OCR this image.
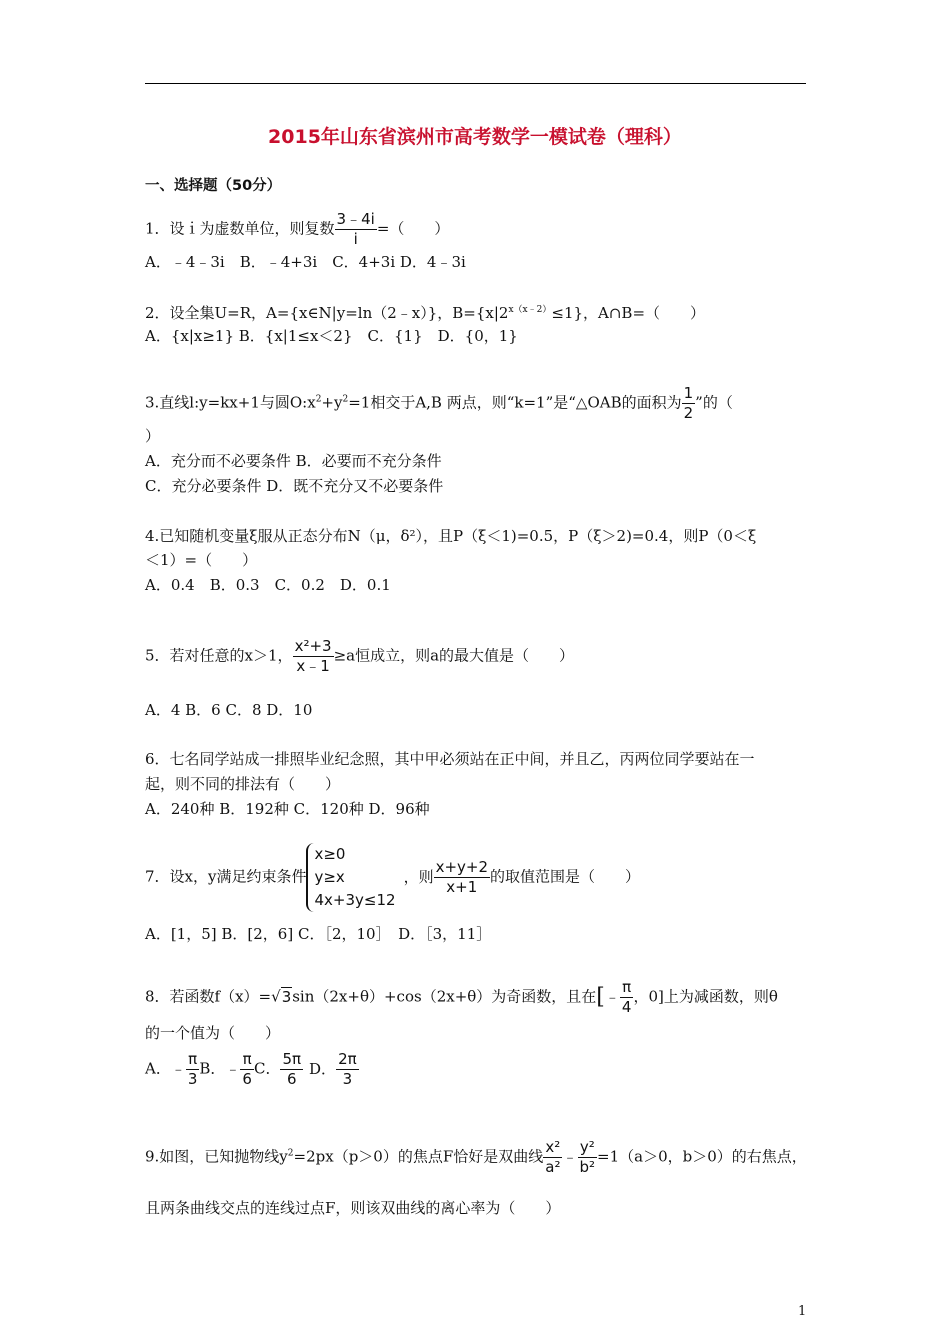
2015年山东省滨州市高考数学一模试卷（理科）
一、选择题（50分）
1．设ｉ为虚数单位，则复数 $\frac{3﹣4i}{i}$ =（　　）
A．﹣4﹣3i　B．﹣4+3i　C．4+3i D．4﹣3i
2．设全集U=R，A={x∈N|y=ln（2﹣x）}，$B=\{x|2^{x(x﹣2)}\le 1\}$，A∩B=（　　）
A．{x|x≥1} B．{x|1≤x＜2}　C．{1}　D．{0，1}
3.直线l:y=kx+1与圆$O:x^2+y^2=1$相交于A,B 两点，则“k=1”是“△OAB的面积为 $\frac{1}{2}$ ”的（
）
A．充分而不必要条件 B．必要而不充分条件
C．充分必要条件 D．既不充分又不必要条件
4.已知随机变量ξ服从正态分布N（μ，δ²），且P（ξ＜1)=0.5，P（ξ＞2)=0.4，则P（0＜ξ
＜1）=（　　）
A．0.4　B．0.3　C．0.2　D．0.1
5．若对任意的x＞1， $\frac{\text{x²+3}}{x﹣1} \ge a$恒成立，则a的最大值是（　　）
A．4 B．6 C．8 D．10
6．七名同学站成一排照毕业纪念照，其中甲必须站在正中间，并且乙，丙两位同学要站在一
起，则不同的排法有（　　）
A．240种 B．192种 C．120种 D．96种
7．设x，y满足约束条件
x≥0
y≥x
4x+3y≤12
，则 $\frac{x+y+2}{x+1}$ 的取值范围是（　　）
A．[1，5] B．[2，6] C．［2，10］　D．［3，11］
8．若函数f（x）=√3sin（2x+θ）+cos（2x+θ）为奇函数，且在[﹣ $\frac{\pi}{4}$ ，0]上为减函数，则θ
的一个值为（　　）
A．﹣ $\frac{\pi}{3}$ B．﹣ $\frac{\pi}{6}$ C． $\frac{5\pi}{6}$ D． $\frac{2\pi}{3}$
9.如图，已知抛物线$y^2=2px(p>0)$的焦点F恰好是双曲线 $\frac{\text{x²}}{\text{a²}}$ ﹣ $\frac{\text{y²}}{\text{b²}} =1(a>0$，b＞0）的右焦点，
且两条曲线交点的连线过点F，则该双曲线的离心率为（　　）
1
